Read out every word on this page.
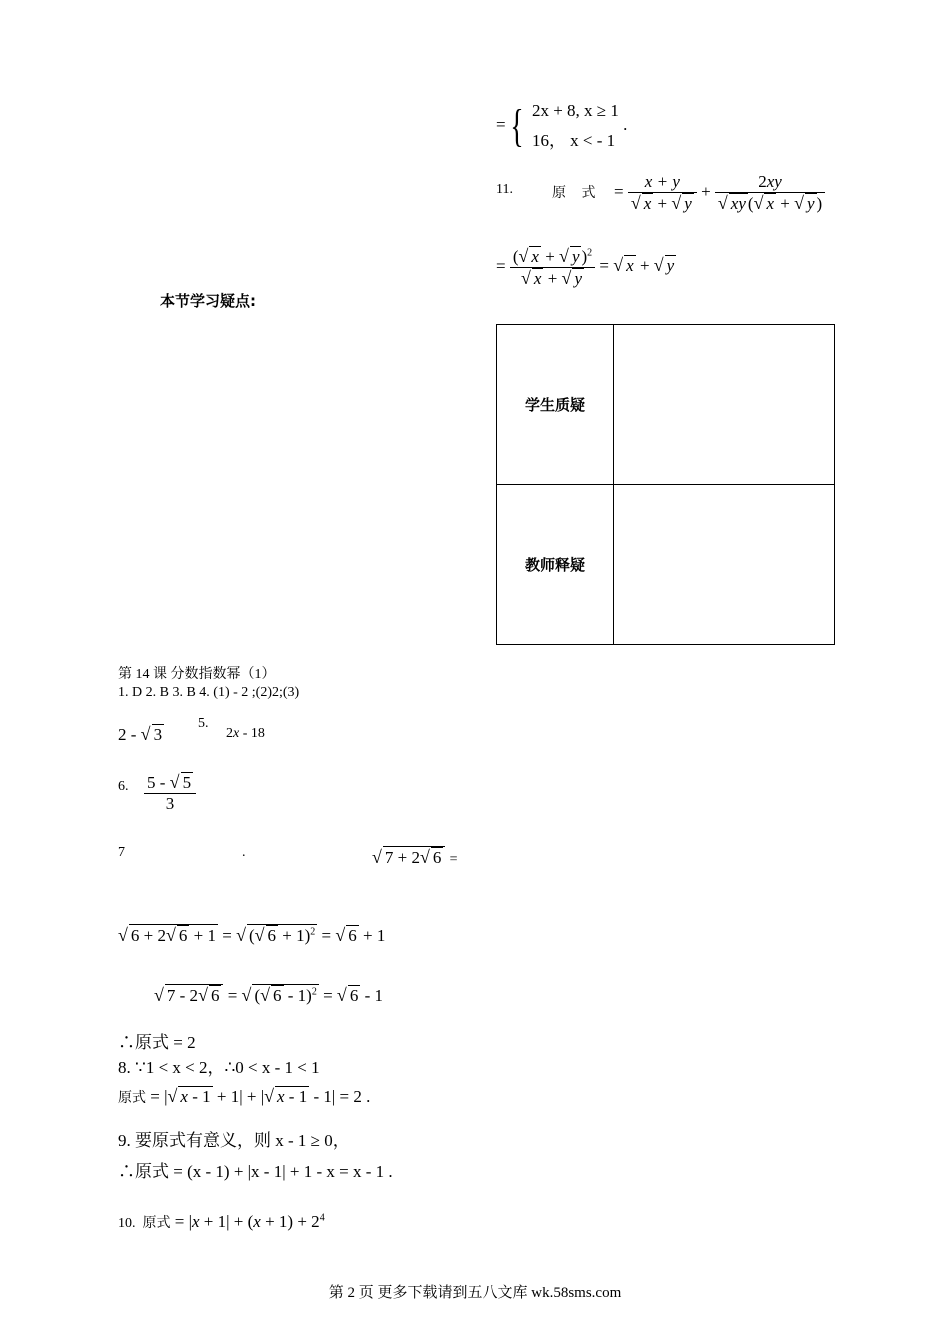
={ 2x + 8, x ≥ 1
16， x < - 1
.
11.	原 式 = $\frac{x + y}{√ x + √ y} + \frac{2xy}{√ xy (√ x + √ y )}$
= $\frac{(√ x + √ y )^2}{√ x + √ y}$ = √ x + √ y
本节学习疑点:
学生质疑	
教师释疑	
第 14 课 分数指数幂（1）
1. D 2. B 3. B 4. (1) - 2 ;(2)2;(3)
2 - √ 3
5.
2x - 18
6. $\frac{5 - √ 5}{3}$
7	.	√ 7 + 2√ 6 =
√ 6 + 2√ 6 + 1 = √ (√ 6 + 1)$^2$ = √ 6 + 1
√ 7 - 2√ 6 = √ (√ 6 - 1)$^2$ = √ 6 - 1
∴原式 = 2
8. ∵1 < x < 2，∴0 < x - 1 < 1
原式 = |√ x - 1 + 1| + |√ x - 1 - 1| = 2 .
9. 要原式有意义，则 x - 1 ≥ 0，
∴原式 = (x - 1) + |x - 1| + 1 - x = x - 1 .
10.  原式 = $|x + 1| + (x + 1) + 2^4$
第 2 页 更多下载请到五八文库 wk.58sms.com
